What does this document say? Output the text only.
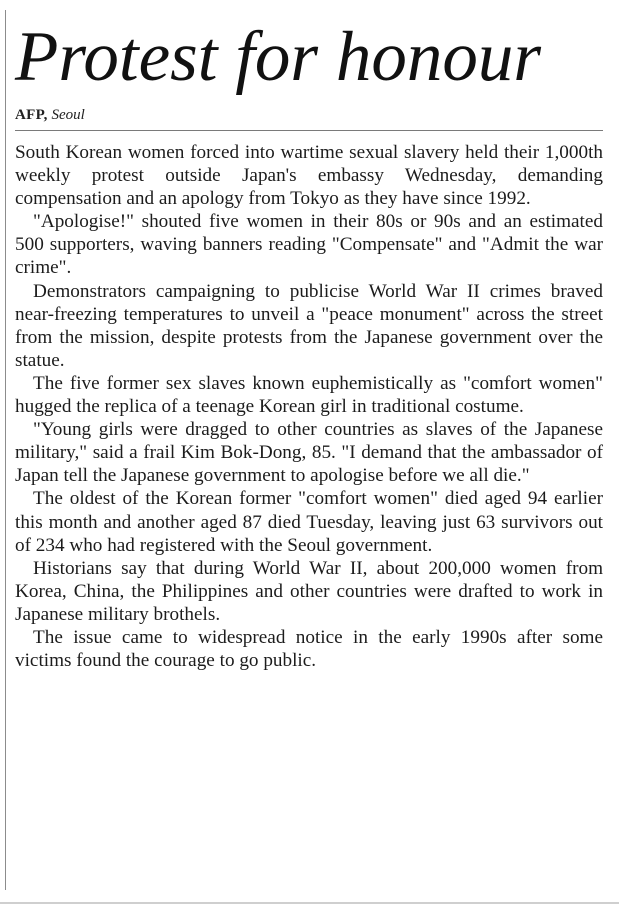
Protest for honour
AFP, Seoul

South Korean women forced into wartime sexual slavery held their 1,000th weekly protest outside Japan's embassy Wednesday, demanding compensation and an apology from Tokyo as they have since 1992.

"Apologise!" shouted five women in their 80s or 90s and an estimated 500 supporters, waving banners reading "Compensate" and "Admit the war crime".

Demonstrators campaigning to publicise World War II crimes braved near-freezing temperatures to unveil a "peace monument" across the street from the mission, despite protests from the Japanese government over the statue.

The five former sex slaves known euphemistically as "comfort women" hugged the replica of a teenage Korean girl in traditional costume.

"Young girls were dragged to other countries as slaves of the Japanese military," said a frail Kim Bok-Dong, 85. "I demand that the ambassador of Japan tell the Japanese government to apologise before we all die."

The oldest of the Korean former "comfort women" died aged 94 earlier this month and another aged 87 died Tuesday, leaving just 63 survivors out of 234 who had registered with the Seoul government.

Historians say that during World War II, about 200,000 women from Korea, China, the Philippines and other countries were drafted to work in Japanese military brothels.

The issue came to widespread notice in the early 1990s after some victims found the courage to go public.
